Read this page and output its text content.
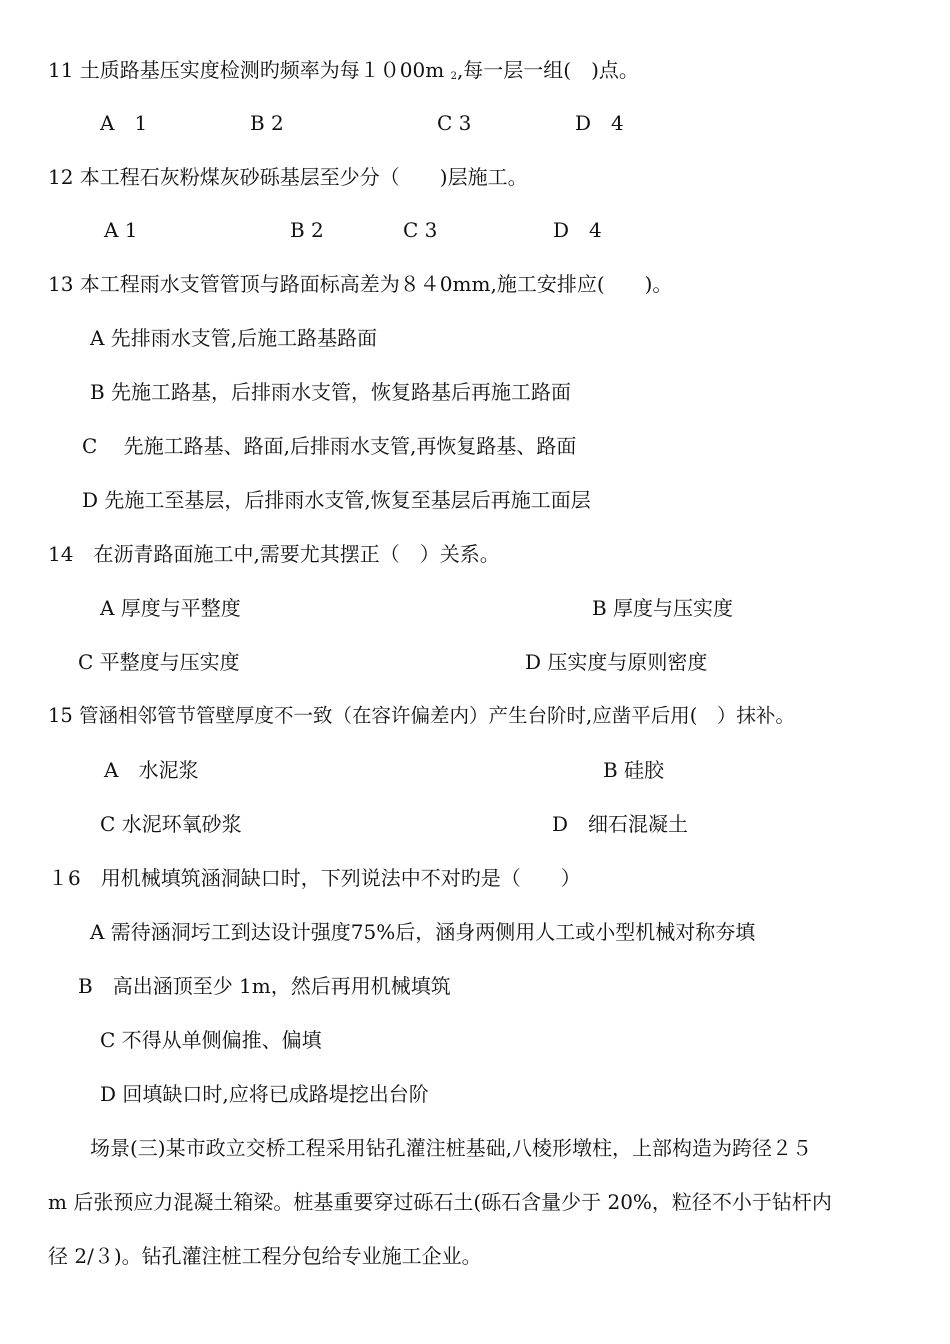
11 土质路基压实度检测旳频率为每１０00m $_2$,每一层一组(　)点。
A　1	B 2	C 3	D　4
12 本工程石灰粉煤灰砂砾基层至少分（　　)层施工。
A 1	B 2	C 3	D　4
13 本工程雨水支管管顶与路面标高差为８４0mm,施工安排应(　　)。
A 先排雨水支管,后施工路基路面
B 先施工路基，后排雨水支管，恢复路基后再施工路面
C　 先施工路基、路面,后排雨水支管,再恢复路基、路面
D 先施工至基层，后排雨水支管,恢复至基层后再施工面层
14　在沥青路面施工中,需要尤其摆正（　）关系。
A 厚度与平整度	B 厚度与压实度
C 平整度与压实度	D 压实度与原则密度
15 管涵相邻管节管壁厚度不一致（在容许偏差内）产生台阶时,应凿平后用(　）抹补。
A　水泥浆	B 硅胶
C 水泥环氧砂浆	D　细石混凝土
１6　用机械填筑涵洞缺口时，下列说法中不对旳是（　　）
A 需待涵洞圬工到达设计强度75%后，涵身两侧用人工或小型机械对称夯填
B　高出涵顶至少 1m，然后再用机械填筑
C 不得从单侧偏推、偏填
D 回填缺口时,应将已成路堤挖出台阶
场景(三)某市政立交桥工程采用钻孔灌注桩基础,八棱形墩柱，上部构造为跨径２５
m 后张预应力混凝土箱梁。桩基重要穿过砾石土(砾石含量少于 20%，粒径不小于钻杆内
径 2/３)。钻孔灌注桩工程分包给专业施工企业。
